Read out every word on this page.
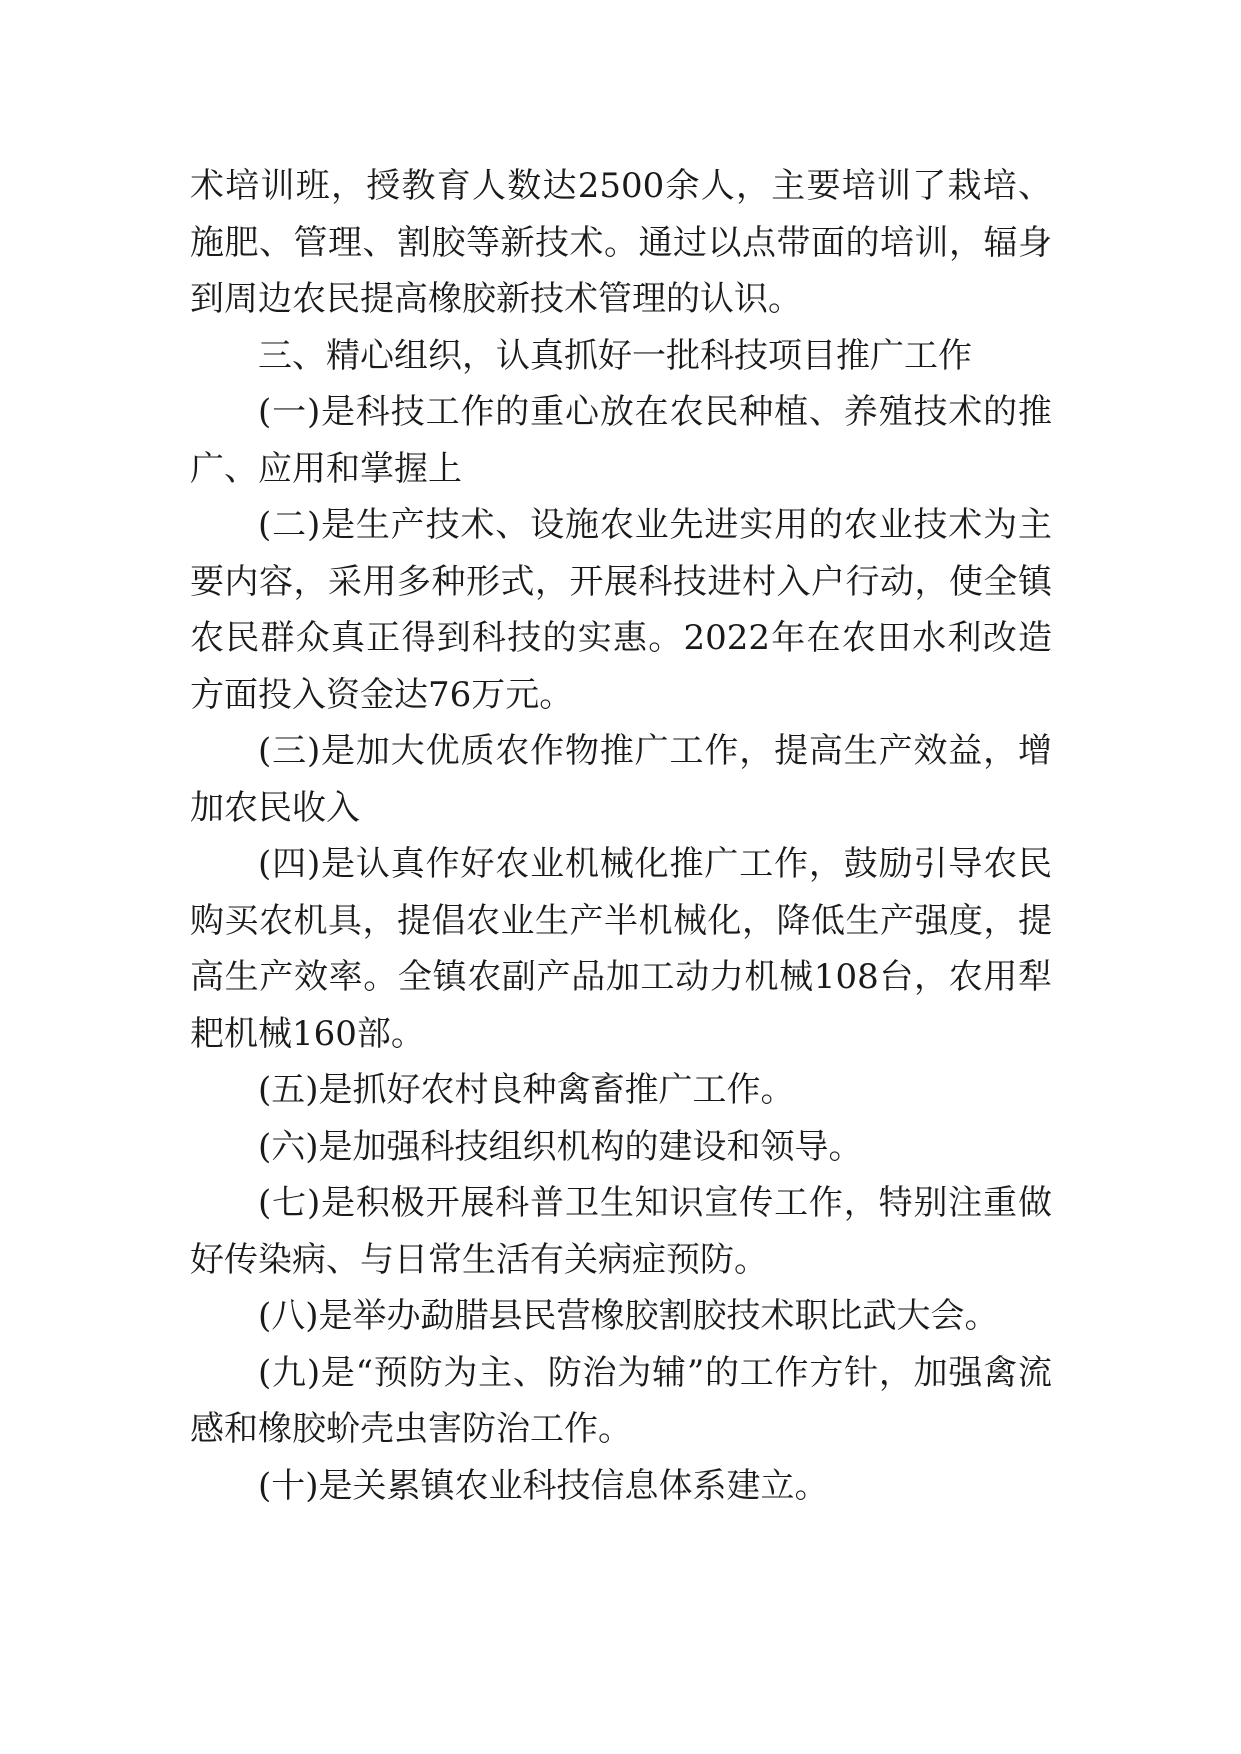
术培训班，授教育人数达2500余人，主要培训了栽培、施肥、管理、割胶等新技术。通过以点带面的培训，辐身到周边农民提高橡胶新技术管理的认识。

三、精心组织，认真抓好一批科技项目推广工作

(一)是科技工作的重心放在农民种植、养殖技术的推广、应用和掌握上

(二)是生产技术、设施农业先进实用的农业技术为主要内容，采用多种形式，开展科技进村入户行动，使全镇农民群众真正得到科技的实惠。2022年在农田水利改造方面投入资金达76万元。

(三)是加大优质农作物推广工作，提高生产效益，增加农民收入

(四)是认真作好农业机械化推广工作，鼓励引导农民购买农机具，提倡农业生产半机械化，降低生产强度，提高生产效率。全镇农副产品加工动力机械108台，农用犁耙机械160部。

(五)是抓好农村良种禽畜推广工作。

(六)是加强科技组织机构的建设和领导。

(七)是积极开展科普卫生知识宣传工作，特别注重做好传染病、与日常生活有关病症预防。

(八)是举办勐腊县民营橡胶割胶技术职比武大会。

(九)是“预防为主、防治为辅”的工作方针，加强禽流感和橡胶蚧壳虫害防治工作。

(十)是关累镇农业科技信息体系建立。
